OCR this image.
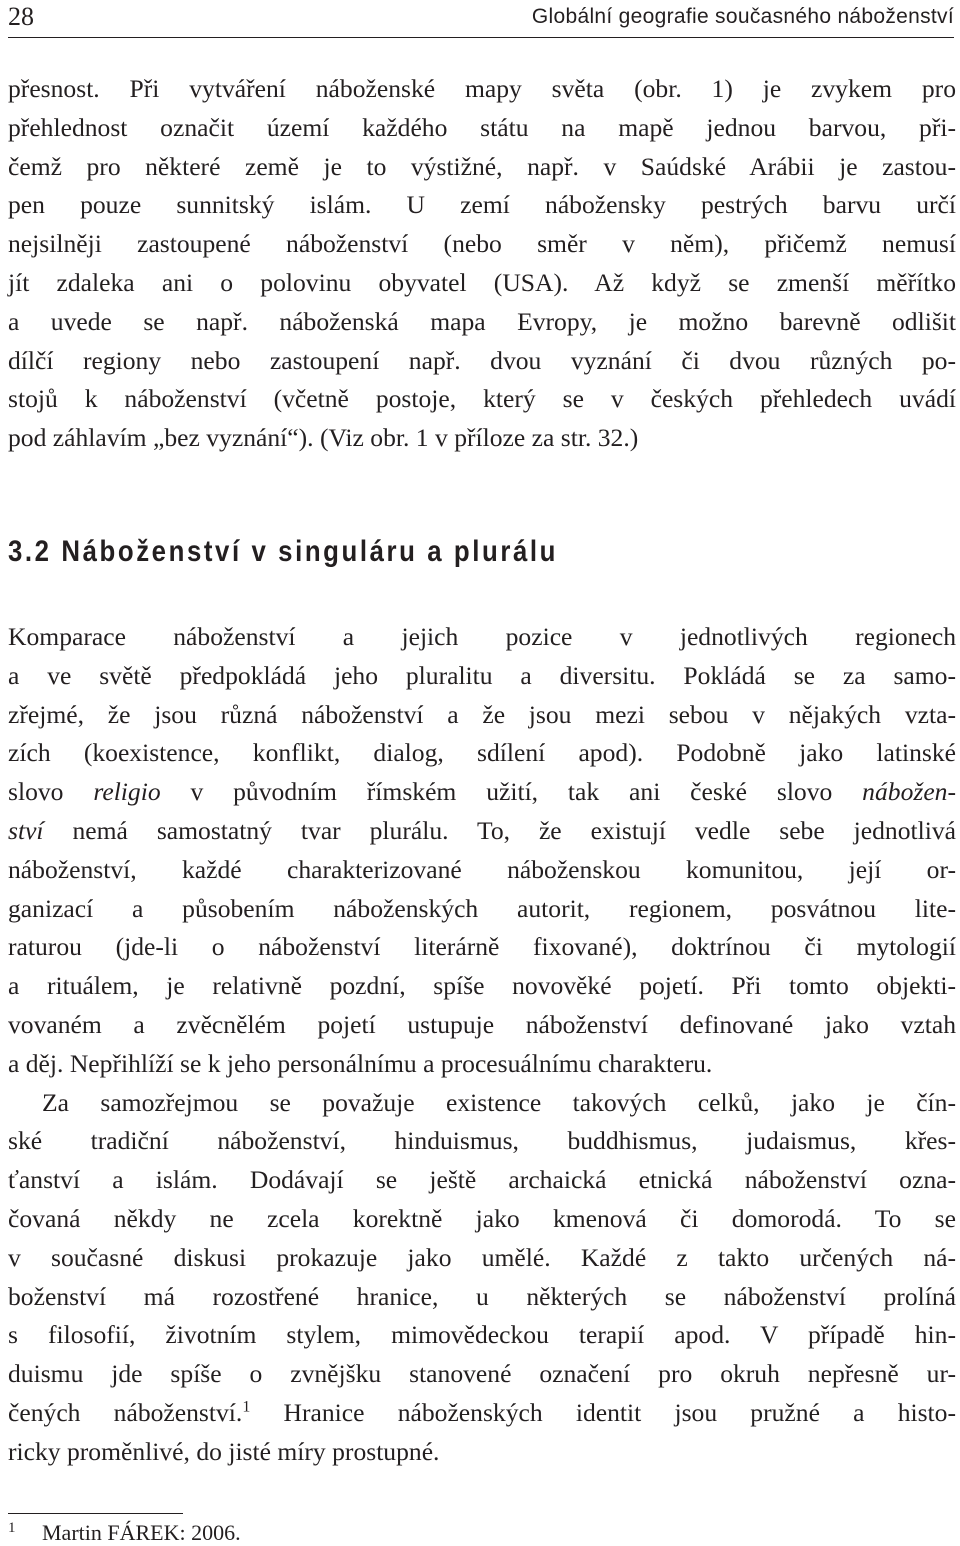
28	Globální geografie současného náboženství
přesnost. Při vytváření náboženské mapy světa (obr. 1) je zvykem pro
přehlednost označit území každého státu na mapě jednou barvou, při-
čemž pro některé země je to výstižné, např. v Saúdské Arábii je zastou-
pen pouze sunnitský islám. U zemí nábožensky pestrých barvu určí
nejsilněji zastoupené náboženství (nebo směr v něm), přičemž nemusí
jít zdaleka ani o polovinu obyvatel (USA). Až když se zmenší měřítko
a uvede se např. náboženská mapa Evropy, je možno barevně odlišit
dílčí regiony nebo zastoupení např. dvou vyznání či dvou různých po-
stojů k náboženství (včetně postoje, který se v českých přehledech uvádí
pod záhlavím „bez vyznání“). (Viz obr. 1 v příloze za str. 32.)
3.2 Náboženství v singuláru a plurálu
Komparace náboženství a jejich pozice v jednotlivých regionech
a ve světě předpokládá jeho pluralitu a diversitu. Pokládá se za samo-
zřejmé, že jsou různá náboženství a že jsou mezi sebou v nějakých vzta-
zích (koexistence, konflikt, dialog, sdílení apod). Podobně jako latinské
slovo religio v původním římském užití, tak ani české slovo nábožen-
ství nemá samostatný tvar plurálu. To, že existují vedle sebe jednotlivá
náboženství, každé charakterizované náboženskou komunitou, její or-
ganizací a působením náboženských autorit, regionem, posvátnou lite-
raturou (jde-li o náboženství literárně fixované), doktrínou či mytologií
a rituálem, je relativně pozdní, spíše novověké pojetí. Při tomto objekti-
vovaném a zvěcnělém pojetí ustupuje náboženství definované jako vztah
a děj. Nepřihlíží se k jeho personálnímu a procesuálnímu charakteru.
Za samozřejmou se považuje existence takových celků, jako je čín-
ské tradiční náboženství, hinduismus, buddhismus, judaismus, křes-
ťanství a islám. Dodávají se ještě archaická etnická náboženství ozna-
čovaná někdy ne zcela korektně jako kmenová či domorodá. To se
v současné diskusi prokazuje jako umělé. Každé z takto určených ná-
boženství má rozostřené hranice, u některých se náboženství prolíná
s filosofií, životním stylem, mimovědeckou terapií apod. V případě hin-
duismu jde spíše o zvnějšku stanovené označení pro okruh nepřesně ur-
čených náboženství.$^1$ Hranice náboženských identit jsou pružné a histo-
ricky proměnlivé, do jisté míry prostupné.
1 Martin FÁREK: 2006.
